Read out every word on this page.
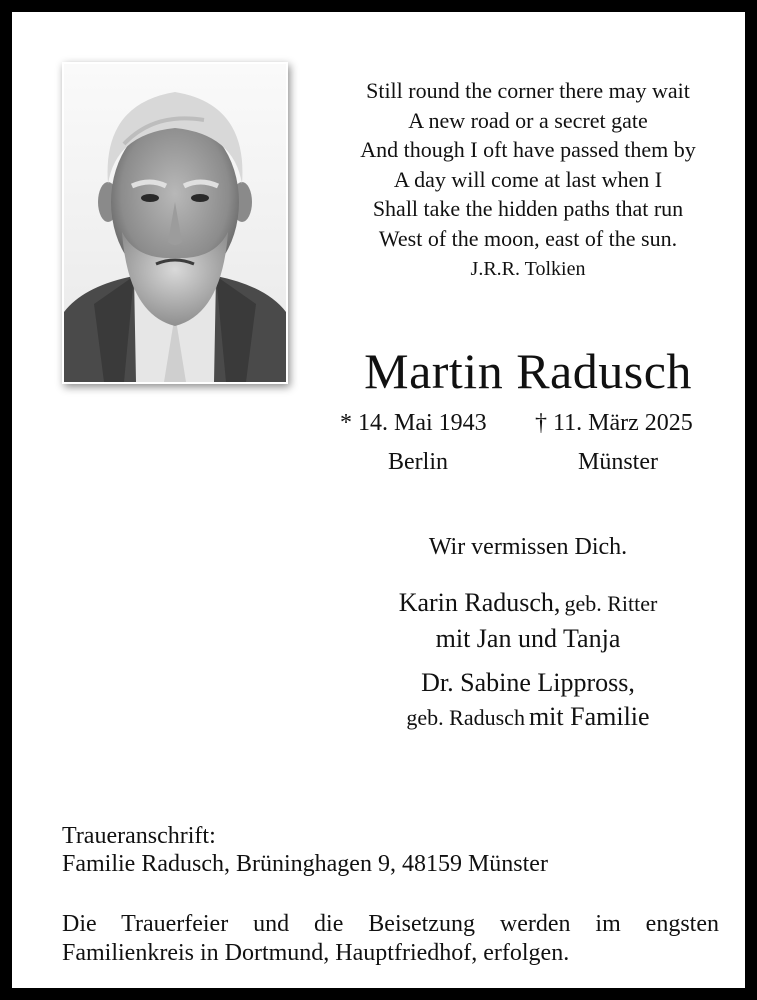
Still round the corner there may wait
A new road or a secret gate
And though I oft have passed them by
A day will come at last when I
Shall take the hidden paths that run
West of the moon, east of the sun.
J.R.R. Tolkien
Martin Radusch
* 14. Mai 1943 † 11. März 2025
Berlin	Münster
Wir vermissen Dich.
Karin Radusch, geb. Ritter
mit Jan und Tanja
Dr. Sabine Lippross,
geb. Radusch mit Familie
Traueranschrift:
Familie Radusch, Brüninghagen 9, 48159 Münster
Die Trauerfeier und die Beisetzung werden im engsten
Familienkreis in Dortmund, Hauptfriedhof, erfolgen.
